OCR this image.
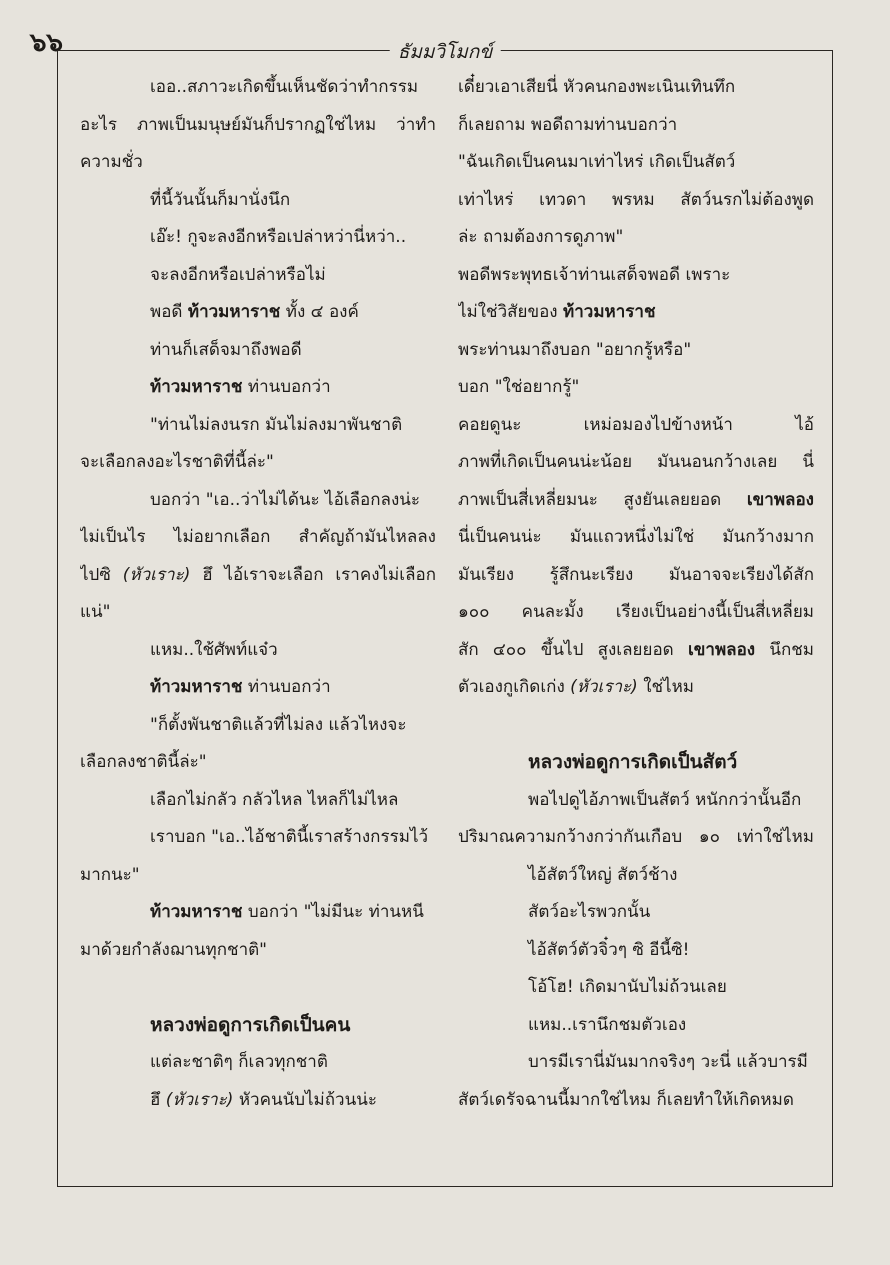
๖๖	ธัมมวิโมกข์
เออ..สภาวะเกิดขึ้นเห็นชัดว่าทำกรรม
อะไร ภาพเป็นมนุษย์มันก็ปรากฏใช่ไหม ว่าทำ
ความชั่ว
ที่นี้วันนั้นก็มานั่งนึก
เอ๊ะ! กูจะลงอีกหรือเปล่าหว่านี่หว่า..
จะลงอีกหรือเปล่าหรือไม่
พอดี ท้าวมหาราช ทั้ง ๔ องค์
ท่านก็เสด็จมาถึงพอดี
ท้าวมหาราช ท่านบอกว่า
"ท่านไม่ลงนรก มันไม่ลงมาพันชาติ
จะเลือกลงอะไรชาติที่นี้ล่ะ"
บอกว่า "เอ..ว่าไม่ได้นะ ไอ้เลือกลงน่ะ
ไม่เป็นไร ไม่อยากเลือก สำคัญถ้ามันไหลลง
ไปซิ (หัวเราะ) ฮึ ไอ้เราจะเลือก เราคงไม่เลือก
แน่"
แหม..ใช้ศัพท์แจ๋ว
ท้าวมหาราช ท่านบอกว่า
"ก็ตั้งพันชาติแล้วที่ไม่ลง แล้วไหงจะ
เลือกลงชาตินี้ล่ะ"
เลือกไม่กลัว กลัวไหล ไหลก็ไม่ไหล
เราบอก "เอ..ไอ้ชาตินี้เราสร้างกรรมไว้
มากนะ"
ท้าวมหาราช บอกว่า "ไม่มีนะ ท่านหนี
มาด้วยกำลังฌานทุกชาติ"
หลวงพ่อดูการเกิดเป็นคน
แต่ละชาติๆ ก็เลวทุกชาติ
ฮึ (หัวเราะ) หัวคนนับไม่ถ้วนน่ะ
เดี๋ยวเอาเสียนี่ หัวคนกองพะเนินเทินทึก
ก็เลยถาม พอดีถามท่านบอกว่า
"ฉันเกิดเป็นคนมาเท่าไหร่ เกิดเป็นสัตว์
เท่าไหร่ เทวดา พรหม สัตว์นรกไม่ต้องพูด
ล่ะ ถามต้องการดูภาพ"
พอดีพระพุทธเจ้าท่านเสด็จพอดี เพราะ
ไม่ใช่วิสัยของ ท้าวมหาราช
พระท่านมาถึงบอก "อยากรู้หรือ"
บอก "ใช่อยากรู้"
คอยดูนะ เหม่อมองไปข้างหน้า ไอ้
ภาพที่เกิดเป็นคนน่ะน้อย มันนอนกว้างเลย นี่
ภาพเป็นสี่เหลี่ยมนะ สูงยันเลยยอด เขาพลอง
นี่เป็นคนน่ะ มันแถวหนึ่งไม่ใช่ มันกว้างมาก
มันเรียง รู้สึกนะเรียง มันอาจจะเรียงได้สัก
๑๐๐ คนละมั้ง เรียงเป็นอย่างนี้เป็นสี่เหลี่ยม
สัก ๔๐๐ ขึ้นไป สูงเลยยอด เขาพลอง นึกชม
ตัวเองกูเกิดเก่ง (หัวเราะ) ใช่ไหม
หลวงพ่อดูการเกิดเป็นสัตว์
พอไปดูไอ้ภาพเป็นสัตว์ หนักกว่านั้นอีก
ปริมาณความกว้างกว่ากันเกือบ ๑๐ เท่าใช่ไหม
ไอ้สัตว์ใหญ่ สัตว์ช้าง
สัตว์อะไรพวกนั้น
ไอ้สัตว์ตัวจิ๋วๆ ซิ อีนี้ซิ!
โอ้โฮ! เกิดมานับไม่ถ้วนเลย
แหม..เรานึกชมตัวเอง
บารมีเรานี่มันมากจริงๆ วะนี่ แล้วบารมี
สัตว์เดรัจฉานนี้มากใช่ไหม ก็เลยทำให้เกิดหมด
